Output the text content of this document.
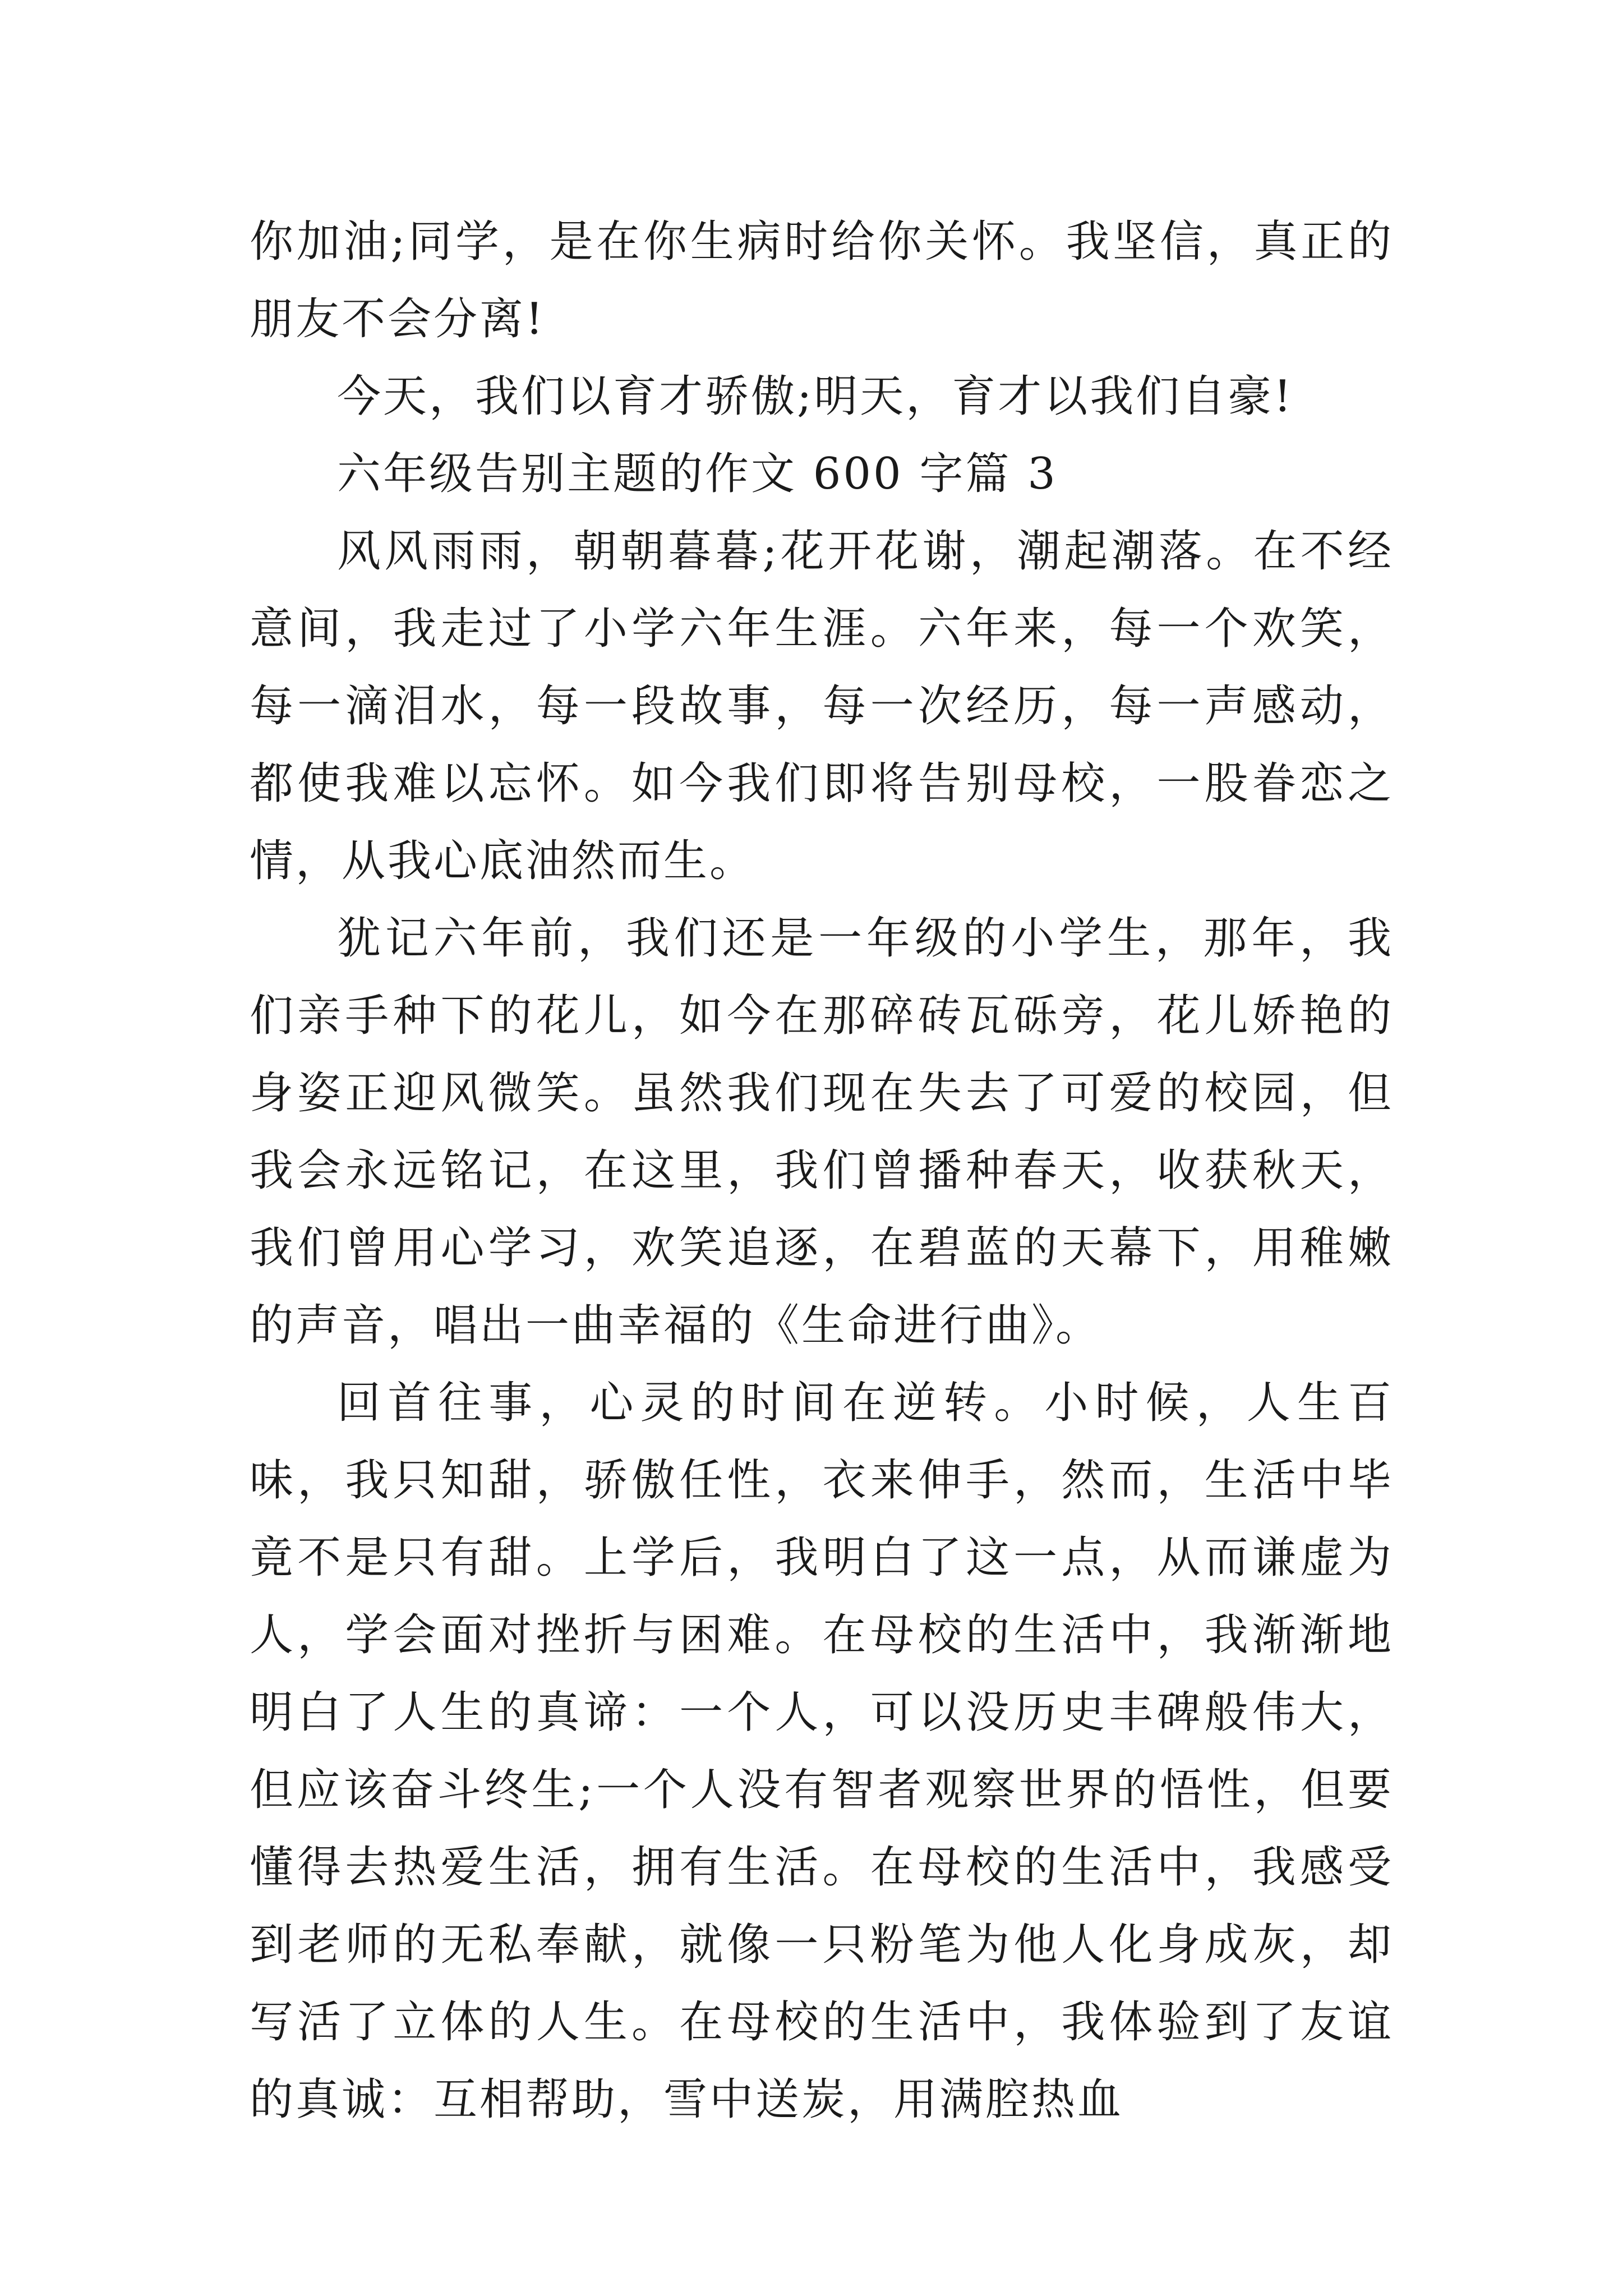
你加油;同学，是在你生病时给你关怀。我坚信，真正的朋友不会分离!

今天，我们以育才骄傲;明天，育才以我们自豪!

六年级告别主题的作文 600 字篇 3

风风雨雨，朝朝暮暮;花开花谢，潮起潮落。在不经意间，我走过了小学六年生涯。六年来，每一个欢笑，每一滴泪水，每一段故事，每一次经历，每一声感动，都使我难以忘怀。如今我们即将告别母校，一股眷恋之情，从我心底油然而生。

犹记六年前，我们还是一年级的小学生，那年，我们亲手种下的花儿，如今在那碎砖瓦砾旁，花儿娇艳的身姿正迎风微笑。虽然我们现在失去了可爱的校园，但我会永远铭记，在这里，我们曾播种春天，收获秋天，我们曾用心学习，欢笑追逐，在碧蓝的天幕下，用稚嫩的声音，唱出一曲幸福的《生命进行曲》。

回首往事，心灵的时间在逆转。小时候，人生百味，我只知甜，骄傲任性，衣来伸手，然而，生活中毕竟不是只有甜。上学后，我明白了这一点，从而谦虚为人，学会面对挫折与困难。在母校的生活中，我渐渐地明白了人生的真谛：一个人，可以没历史丰碑般伟大，但应该奋斗终生;一个人没有智者观察世界的悟性，但要懂得去热爱生活，拥有生活。在母校的生活中，我感受到老师的无私奉献，就像一只粉笔为他人化身成灰，却写活了立体的人生。在母校的生活中，我体验到了友谊的真诚：互相帮助，雪中送炭，用满腔热血
